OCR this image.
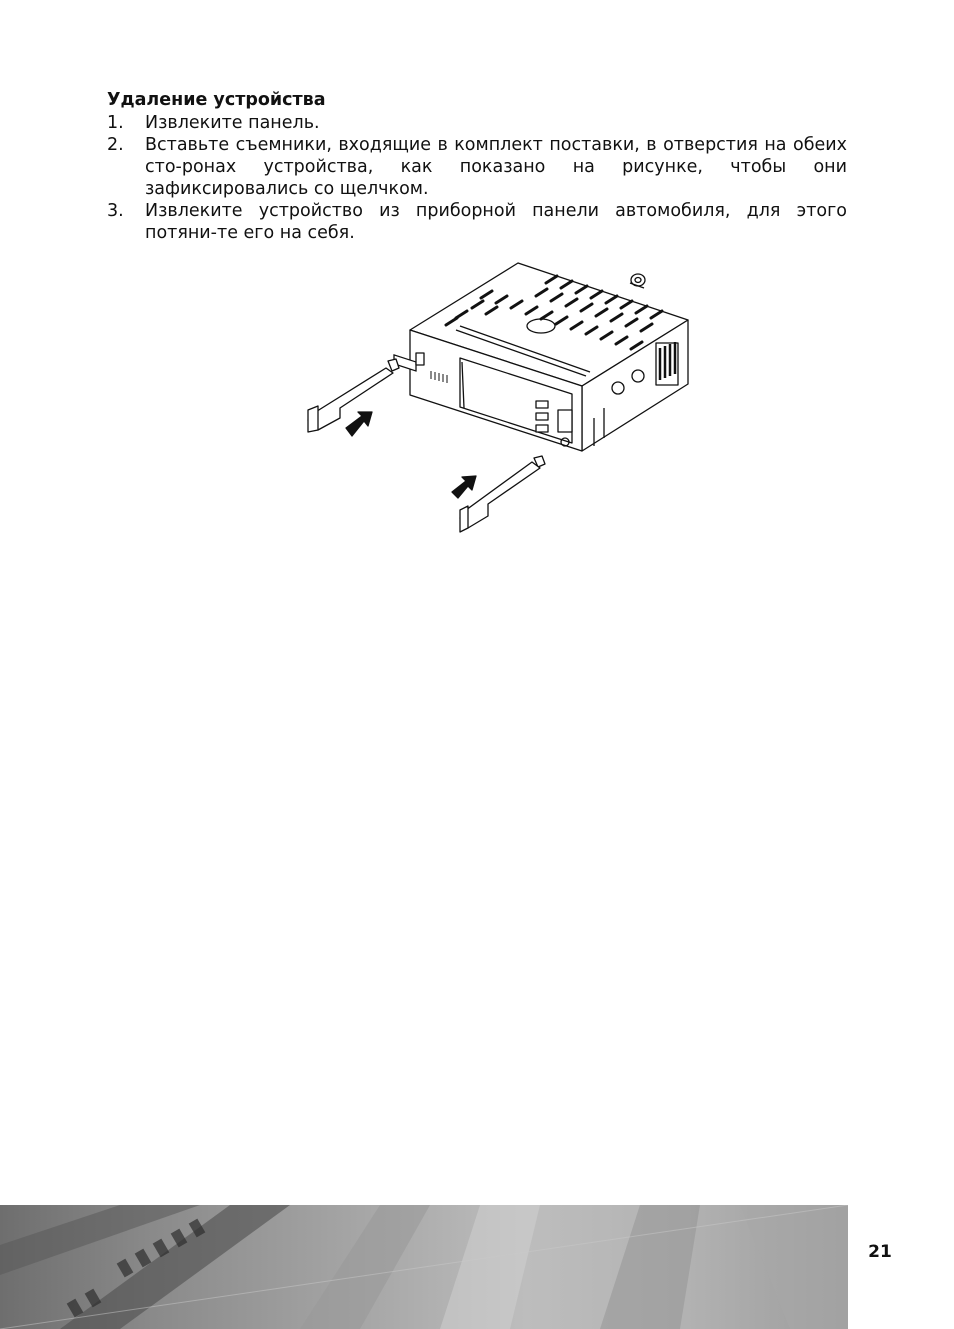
Удаление устройства
1.	Извлеките панель.
2.	Вставьте съемники, входящие в комплект поставки, в отверстия на обеих сто-ронах устройства, как показано на рисунке, чтобы они зафиксировались со щелчком.
3.	Извлеките устройство из приборной панели автомобиля, для этого потяни-те его на себя.
21
